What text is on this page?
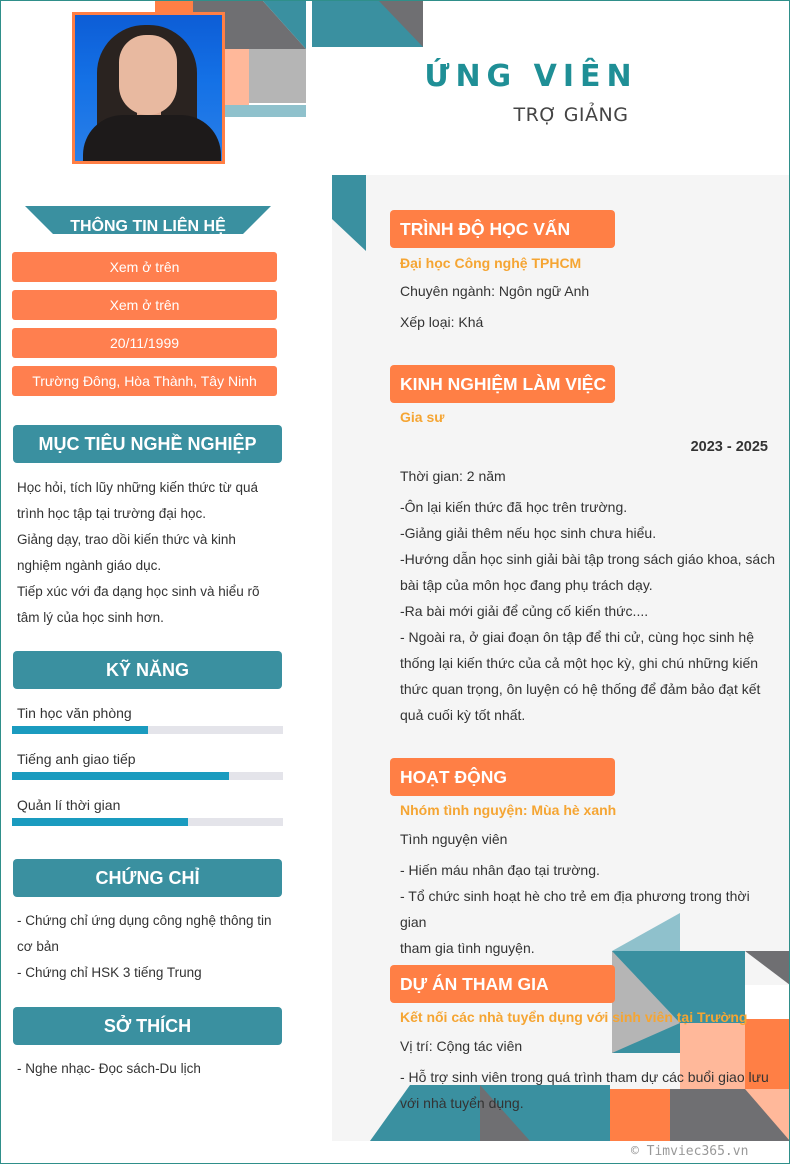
ỨNG VIÊN
TRỢ GIẢNG
THÔNG TIN LIÊN HỆ
Xem ở trên
Xem ở trên
20/11/1999
Trường Đông, Hòa Thành, Tây Ninh
MỤC TIÊU NGHỀ NGHIỆP
Học hỏi, tích lũy những kiến thức từ quá
trình học tập tại trường đại học.
Giảng dạy, trao dồi kiến thức và kinh
nghiệm ngành giáo dục.
Tiếp xúc với đa dạng học sinh và hiểu rõ
tâm lý của học sinh hơn.
KỸ NĂNG
Tin học văn phòng
Tiếng anh giao tiếp
Quản lí thời gian
CHỨNG CHỈ
- Chứng chỉ ứng dụng công nghệ thông tin
cơ bản
- Chứng chỉ HSK 3 tiếng Trung
SỞ THÍCH
- Nghe nhạc- Đọc sách-Du lịch
TRÌNH ĐỘ HỌC VẤN
Đại học Công nghệ TPHCM
Chuyên ngành: Ngôn ngữ Anh
Xếp loại: Khá
KINH NGHIỆM LÀM VIỆC
Gia sư
2023 - 2025
Thời gian: 2 năm
-Ôn lại kiến thức đã học trên trường.
-Giảng giải thêm nếu học sinh chưa hiểu.
-Hướng dẫn học sinh giải bài tập trong sách giáo khoa, sách
bài tập của môn học đang phụ trách dạy.
-Ra bài mới giải để củng cố kiến thức....
- Ngoài ra, ở giai đoạn ôn tập để thi cử, cùng học sinh hệ
thống lại kiến thức của cả một học kỳ, ghi chú những kiến
thức quan trọng, ôn luyện có hệ thống để đảm bảo đạt kết
quả cuối kỳ tốt nhất.
HOẠT ĐỘNG
Nhóm tình nguyện: Mùa hè xanh
Tình nguyện viên
- Hiến máu nhân đạo tại trường.
- Tổ chức sinh hoạt hè cho trẻ em địa phương trong thời gian
tham gia tình nguyện.
DỰ ÁN THAM GIA
Kết nối các nhà tuyển dụng với sinh viên tại Trường
Vị trí: Cộng tác viên
- Hỗ trợ sinh viên trong quá trình tham dự các buổi giao lưu
với nhà tuyển dụng.
© Timviec365.vn
